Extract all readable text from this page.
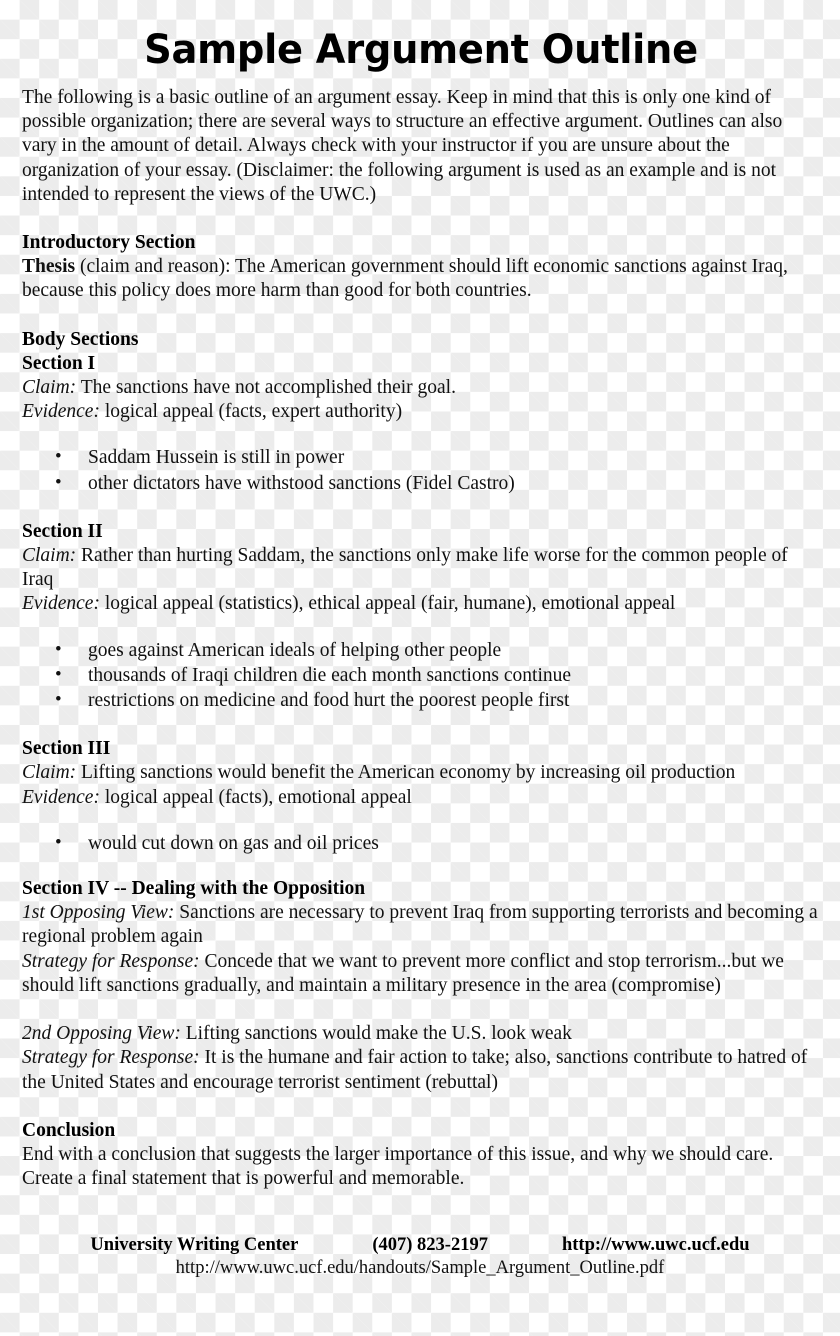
Sample Argument Outline

The following is a basic outline of an argument essay. Keep in mind that this is only one kind of possible organization; there are several ways to structure an effective argument. Outlines can also vary in the amount of detail. Always check with your instructor if you are unsure about the organization of your essay. (Disclaimer: the following argument is used as an example and is not intended to represent the views of the UWC.)

Introductory Section

Thesis (claim and reason): The American government should lift economic sanctions against Iraq, because this policy does more harm than good for both countries.

Body Sections
Section I

Claim: The sanctions have not accomplished their goal.

Evidence: logical appeal (facts, expert authority)

• Saddam Hussein is still in power
• other dictators have withstood sanctions (Fidel Castro)
Section II

Claim: Rather than hurting Saddam, the sanctions only make life worse for the common people of Iraq

Evidence: logical appeal (statistics), ethical appeal (fair, humane), emotional appeal

• goes against American ideals of helping other people
• thousands of Iraqi children die each month sanctions continue
• restrictions on medicine and food hurt the poorest people first
Section III

Claim: Lifting sanctions would benefit the American economy by increasing oil production

Evidence: logical appeal (facts), emotional appeal

• would cut down on gas and oil prices
Section IV -- Dealing with the Opposition

1st Opposing View: Sanctions are necessary to prevent Iraq from supporting terrorists and becoming a regional problem again

Strategy for Response: Concede that we want to prevent more conflict and stop terrorism...but we should lift sanctions gradually, and maintain a military presence in the area (compromise)

2nd Opposing View: Lifting sanctions would make the U.S. look weak

Strategy for Response: It is the humane and fair action to take; also, sanctions contribute to hatred of the United States and encourage terrorist sentiment (rebuttal)

Conclusion

End with a conclusion that suggests the larger importance of this issue, and why we should care. Create a final statement that is powerful and memorable.

University Writing Center	(407) 823-2197	http://www.uwc.ucf.edu
http://www.uwc.ucf.edu/handouts/Sample_Argument_Outline.pdf
